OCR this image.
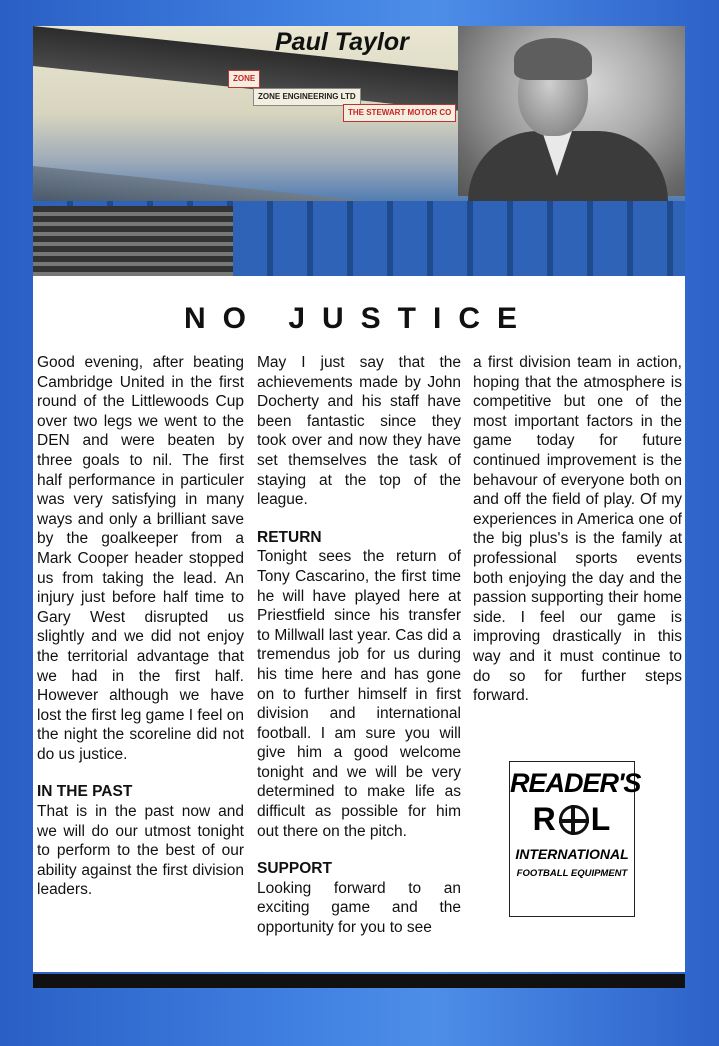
ZONE
ZONE ENGINEERING LTD
THE STEWART MOTOR CO
Paul Taylor
NO JUSTICE

Good evening, after beating Cambridge United in the first round of the Littlewoods Cup over two legs we went to the DEN and were beaten by three goals to nil. The first half performance in particuler was very satisfying in many ways and only a brilliant save by the goalkeeper from a Mark Cooper header stopped us from taking the lead. An injury just before half time to Gary West disrupted us slightly and we did not enjoy the territorial advantage that we had in the first half. However although we have lost the first leg game I feel on the night the scoreline did not do us justice.

IN THE PAST

That is in the past now and we will do our utmost tonight to perform to the best of our ability against the first division leaders.

May I just say that the achievements made by John Docherty and his staff have been fantastic since they took over and now they have set themselves the task of staying at the top of the league.

RETURN

Tonight sees the return of Tony Cascarino, the first time he will have played here at Priestfield since his transfer to Millwall last year. Cas did a tremendus job for us during his time here and has gone on to further himself in first division and international football. I am sure you will give him a good welcome tonight and we will be very determined to make life as difficult as possible for him out there on the pitch.

SUPPORT

Looking forward to an exciting game and the opportunity for you to see

a first division team in action, hoping that the atmosphere is competitive but one of the most important factors in the game today for future continued improvement is the behavour of everyone both on and off the field of play. Of my experiences in America one of the big plus's is the family at professional sports events both enjoying the day and the passion supporting their home side. I feel our game is improving drastically in this way and it must continue to do so for further steps forward.

READER'S
R L
INTERNATIONAL
FOOTBALL EQUIPMENT
